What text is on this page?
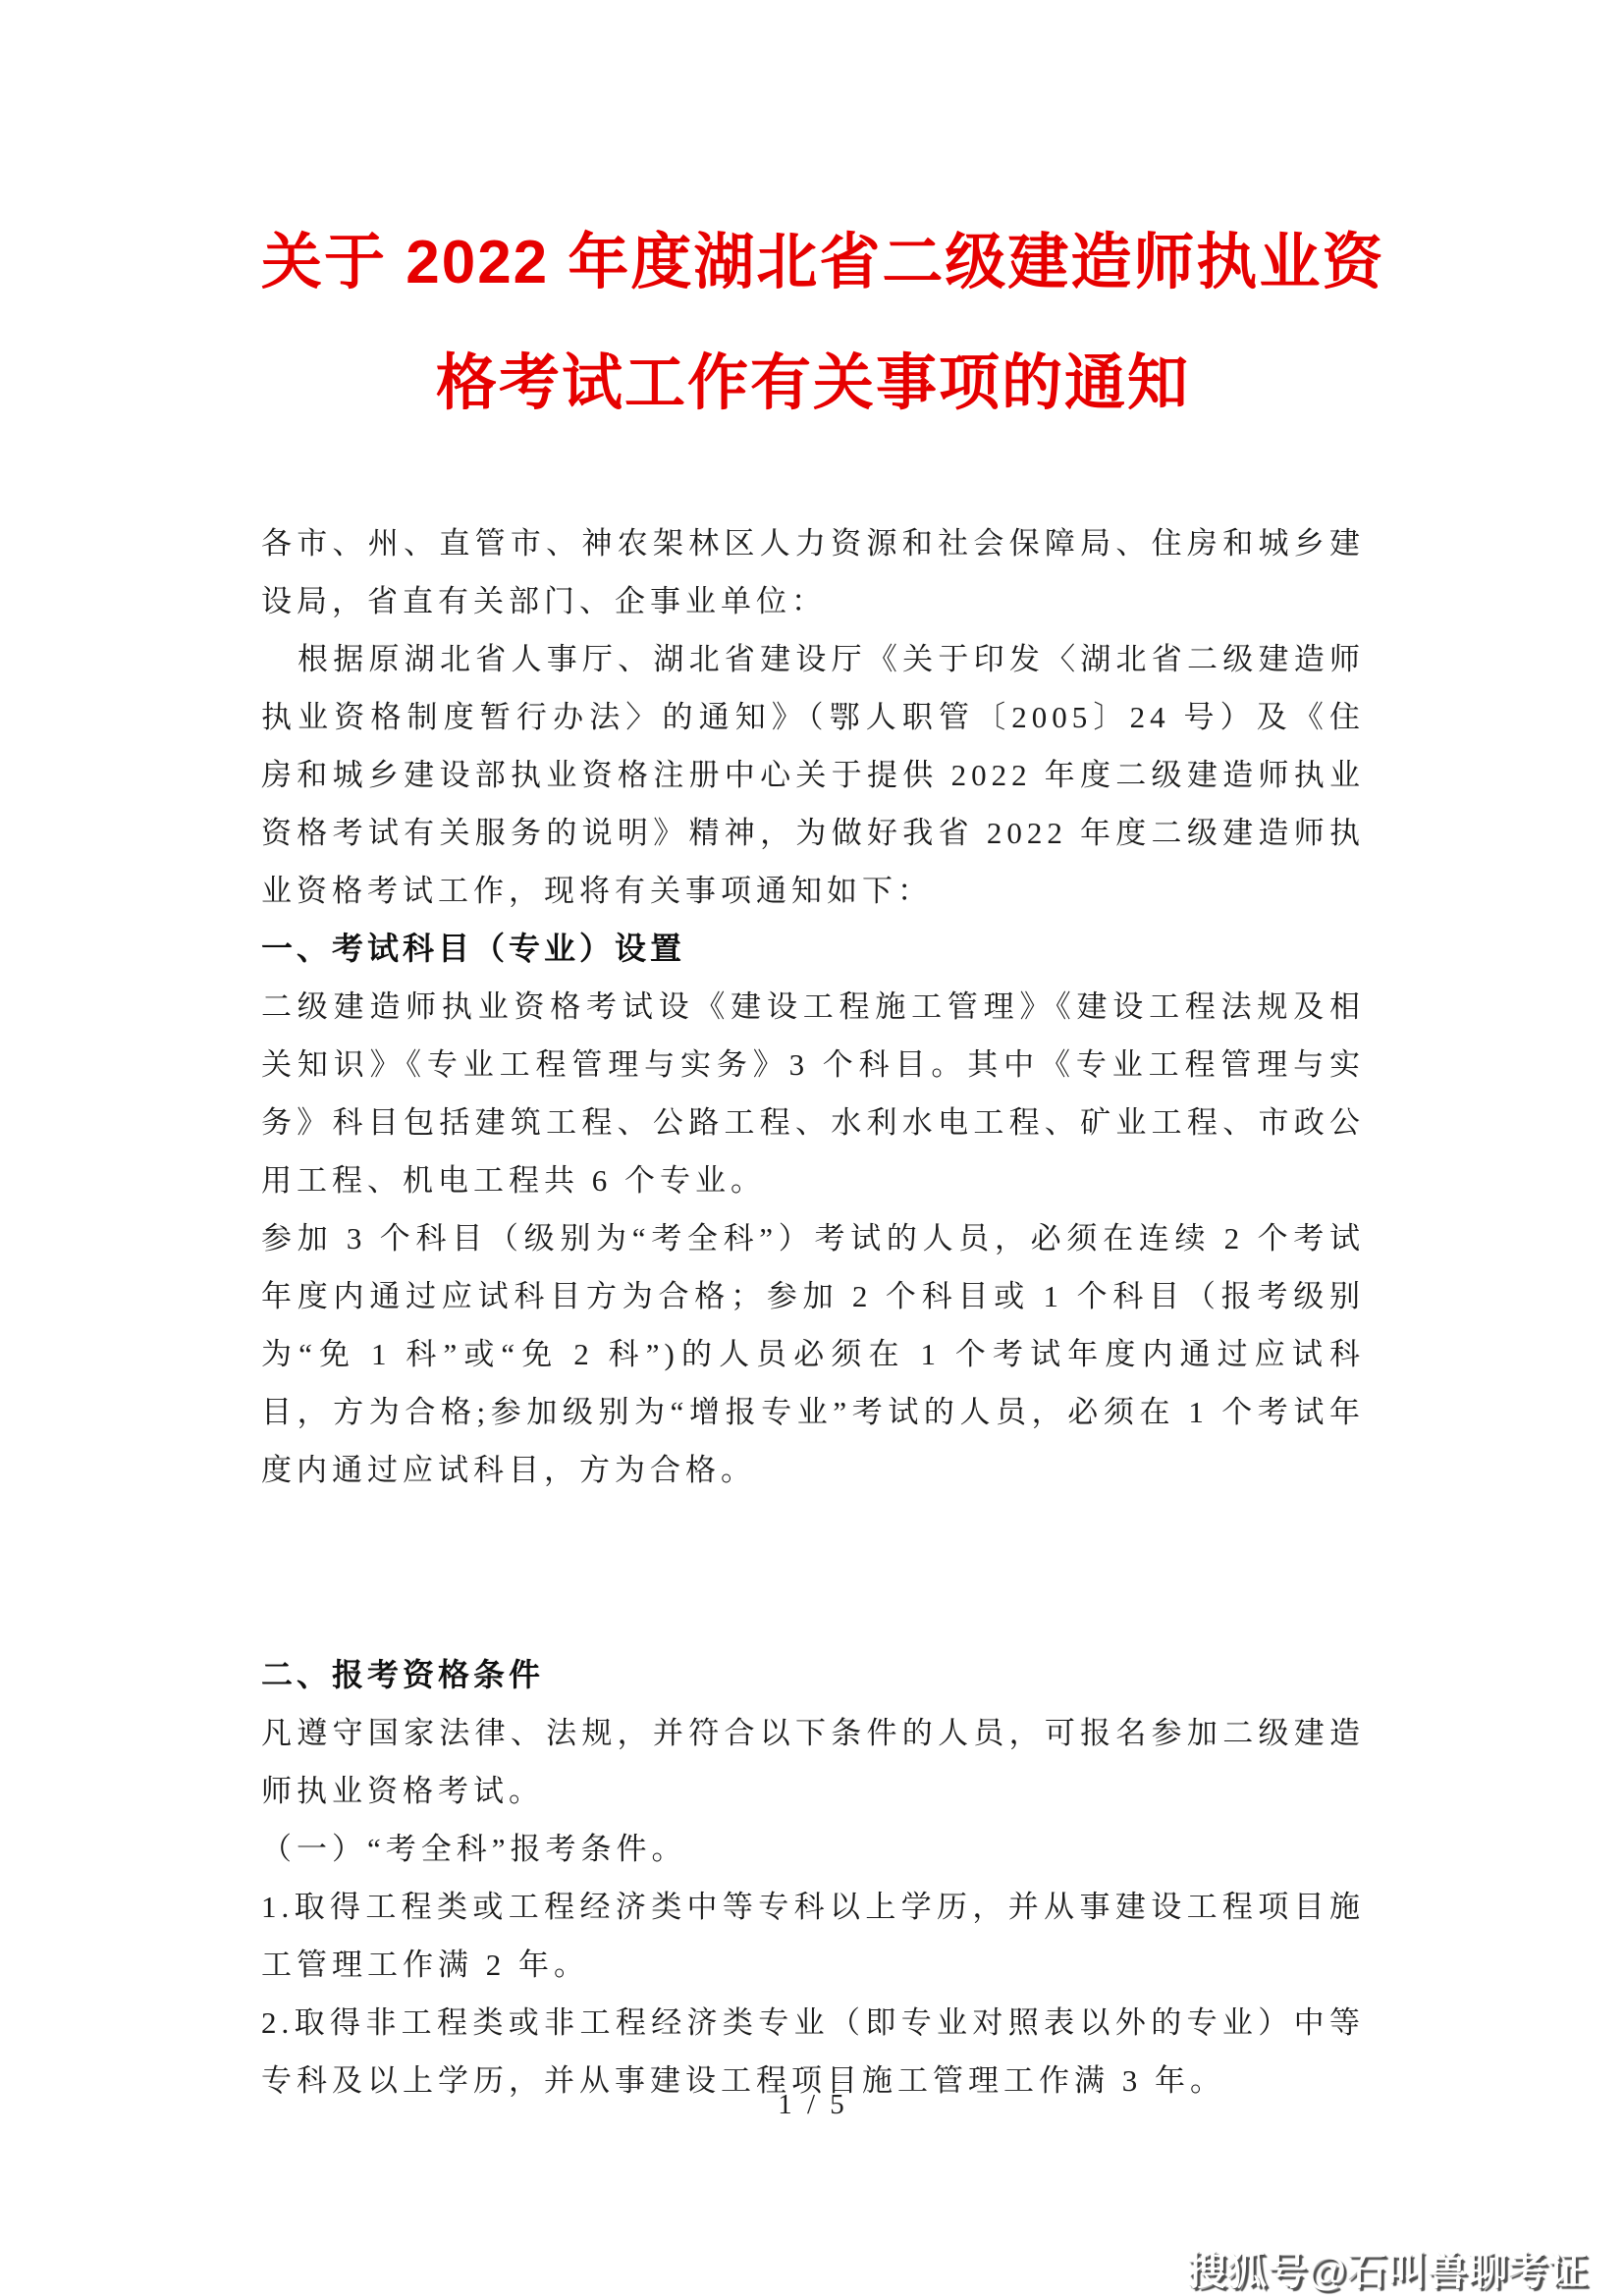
关于 2022 年度湖北省二级建造师执业资
格考试工作有关事项的通知

各市、州、直管市、神农架林区人力资源和社会保障局、住房和城乡建设局，省直有关部门、企事业单位：

根据原湖北省人事厅、湖北省建设厅《关于印发〈湖北省二级建造师执业资格制度暂行办法〉的通知》（鄂人职管〔2005〕24 号）及《住房和城乡建设部执业资格注册中心关于提供 2022 年度二级建造师执业资格考试有关服务的说明》精神，为做好我省 2022 年度二级建造师执业资格考试工作，现将有关事项通知如下：

一、考试科目（专业）设置

二级建造师执业资格考试设《建设工程施工管理》《建设工程法规及相关知识》《专业工程管理与实务》3 个科目。其中《专业工程管理与实务》科目包括建筑工程、公路工程、水利水电工程、矿业工程、市政公用工程、机电工程共 6 个专业。

参加 3 个科目（级别为“考全科”）考试的人员，必须在连续 2 个考试年度内通过应试科目方为合格；参加 2 个科目或 1 个科目（报考级别为“免 1 科”或“免 2 科”)的人员必须在 1 个考试年度内通过应试科目，方为合格;参加级别为“增报专业”考试的人员，必须在 1 个考试年度内通过应试科目，方为合格。

二、报考资格条件

凡遵守国家法律、法规，并符合以下条件的人员，可报名参加二级建造师执业资格考试。

（一）“考全科”报考条件。

1.取得工程类或工程经济类中等专科以上学历，并从事建设工程项目施工管理工作满 2 年。

2.取得非工程类或非工程经济类专业（即专业对照表以外的专业）中等专科及以上学历，并从事建设工程项目施工管理工作满 3 年。

1 / 5
搜狐号@石叫兽聊考证
